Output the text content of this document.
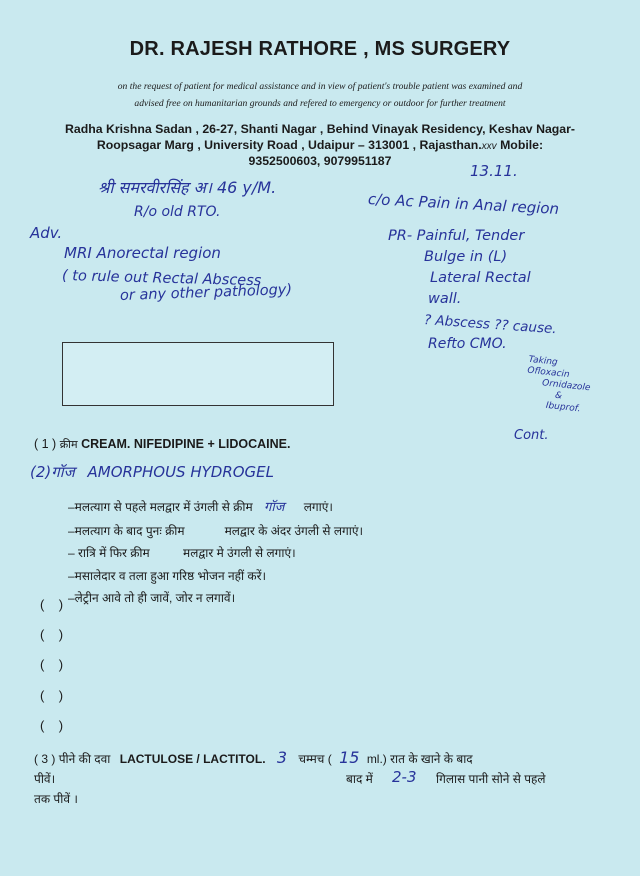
DR. RAJESH RATHORE , MS SURGERY
on the request of patient for medical assistance and in view of patient's trouble patient was examined and
advised free on humanitarian grounds and refered to emergency or outdoor for further treatment
Radha Krishna Sadan , 26-27, Shanti Nagar , Behind Vinayak Residency, Keshav Nagar-
Roopsagar Marg , University Road , Udaipur – 313001 , Rajasthan.xxv Mobile:
9352500603, 9079951187
श्री समरवीरसिंह अ। 46 y/M.
R/o old RTO.
13.11.
c/o Ac Pain in Anal region
PR- Painful, Tender
Bulge in (L)
Lateral Rectal
wall.
? Abscess ?? cause.
Refto CMO.
Taking
Ofloxacin
Ornidazole
&
Ibuprof.
Cont.
Adv.
MRI Anorectal region
( to rule out Rectal Abscess
or any other pathology)
( 1 ) क्रीम CREAM. NIFEDIPINE + LIDOCAINE.
(2)गॉज AMORPHOUS HYDROGEL
–मलत्याग से पहले मलद्वार में उंगली से क्रीम गॉज लगाएं।
–मलत्याग के बाद पुनः क्रीम            मलद्वार के अंदर उंगली से लगाएं।
– रात्रि में फिर क्रीम          मलद्वार मे उंगली से लगाएं।
–मसालेदार व तला हुआ गरिष्ठ भोजन नहीं करें।
–लेट्रीन आवे तो ही जावें, जोर न लगावें।
(    )
(    )
(    )
(    )
(    )
( 3 ) पीने की दवा LACTULOSE / LACTITOL. 3 चम्मच ( 15 ml.) रात के खाने के बाद
पीवें।	बाद में 2-3 गिलास पानी सोने से पहले
तक पीवें ।
